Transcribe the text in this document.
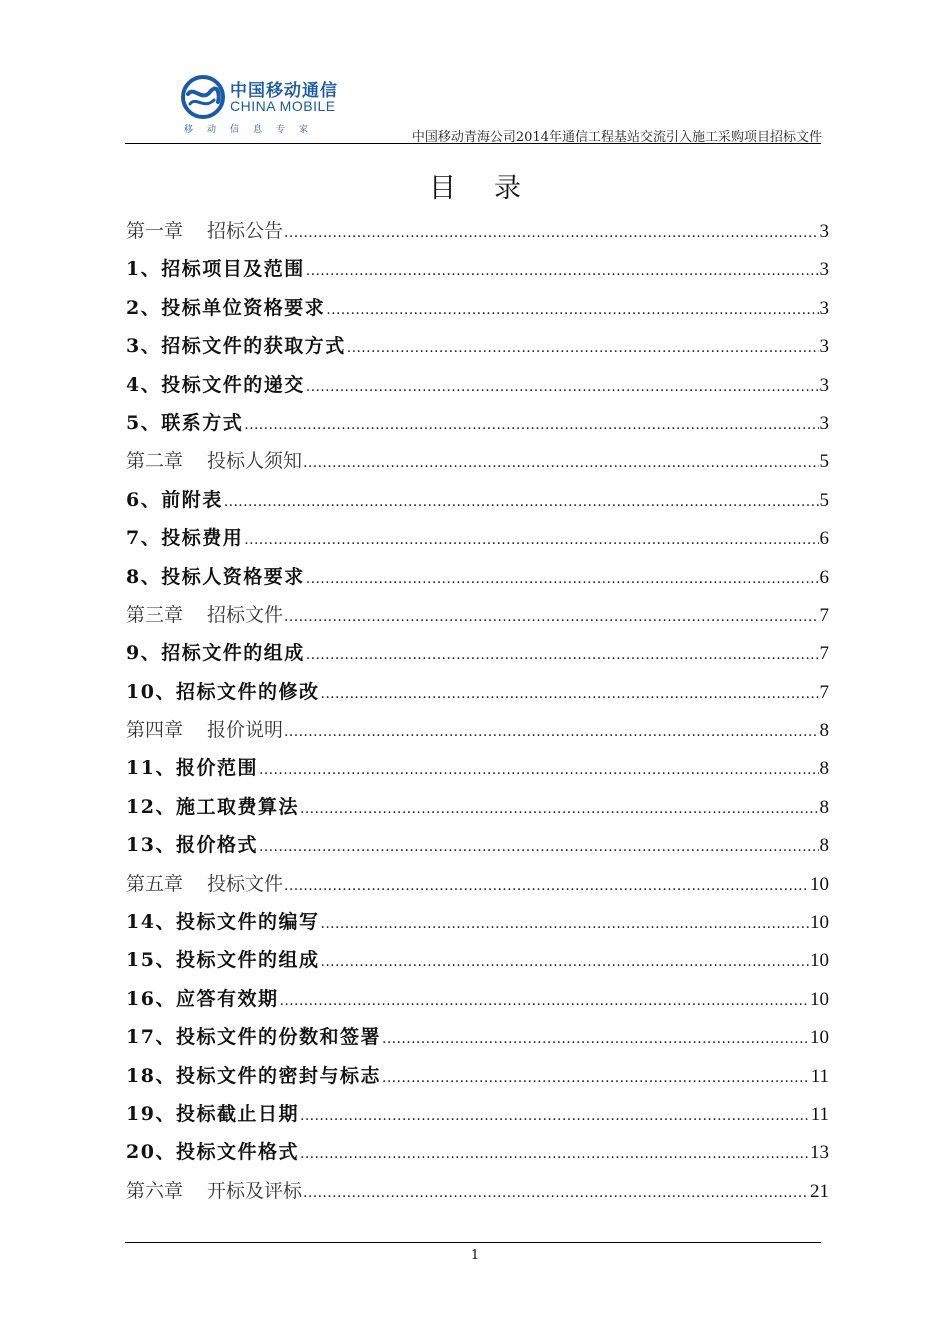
中国移动通信
CHINA MOBILE
移动信息专家	中国移动青海公司2014年通信工程基站交流引入施工采购项目招标文件
目录
第一章 招标公告 .....	3
1、招标项目及范围 .....	3
2、投标单位资格要求 .....	3
3、招标文件的获取方式 .....	3
4、投标文件的递交 .....	3
5、联系方式 .....	3
第二章 投标人须知 .....	5
6、前附表 .....	5
7、投标费用 .....	6
8、投标人资格要求 .....	6
第三章 招标文件 .....	7
9、招标文件的组成 .....	7
10、招标文件的修改 .....	7
第四章 报价说明 .....	8
11、报价范围 .....	8
12、施工取费算法 .....	8
13、报价格式 .....	8
第五章 投标文件 .....	10
14、投标文件的编写 .....	10
15、投标文件的组成 .....	10
16、应答有效期 .....	10
17、投标文件的份数和签署 .....	10
18、投标文件的密封与标志 .....	11
19、投标截止日期 .....	11
20、投标文件格式 .....	13
第六章 开标及评标 .....	21
1
